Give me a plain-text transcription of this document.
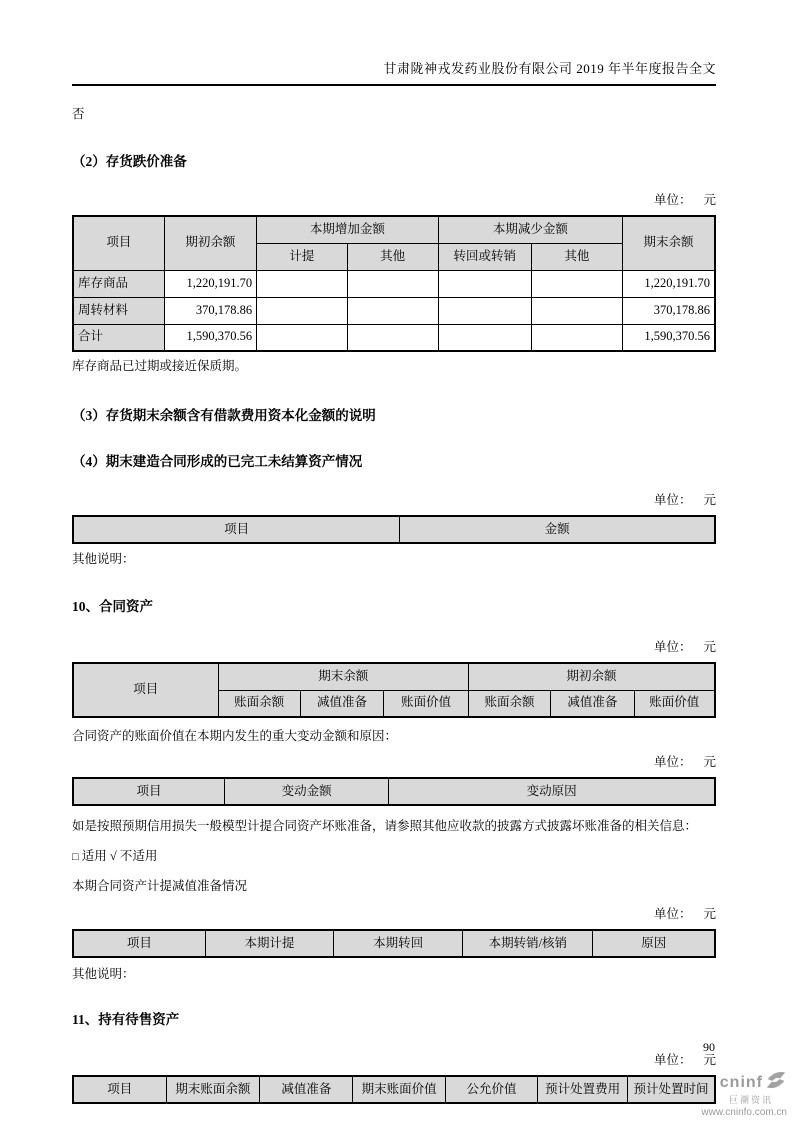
甘肃陇神戎发药业股份有限公司 2019 年半年度报告全文

否

（2）存货跌价准备

单位： 元
项目	期初余额	本期增加金额		本期减少金额		期末余额
		计提	其他	转回或转销	其他	
库存商品	1,220,191.70					1,220,191.70
周转材料	370,178.86					370,178.86
合计	1,590,370.56					1,590,370.56

库存商品已过期或接近保质期。

（3）存货期末余额含有借款费用资本化金额的说明

（4）期末建造合同形成的已完工未结算资产情况

单位： 元
项目	金额

其他说明：

10、合同资产

单位： 元
项目	期末余额			期初余额		
	账面余额	减值准备	账面价值	账面余额	减值准备	账面价值

合同资产的账面价值在本期内发生的重大变动金额和原因：

单位： 元
项目	变动金额	变动原因

如是按照预期信用损失一般模型计提合同资产坏账准备，请参照其他应收款的披露方式披露坏账准备的相关信息：

□ 适用 √ 不适用

本期合同资产计提减值准备情况

单位： 元
项目	本期计提	本期转回	本期转销/核销	原因

其他说明：

11、持有待售资产

单位： 元
项目	期末账面余额	减值准备	期末账面价值	公允价值	预计处置费用	预计处置时间
90
cninf
巨潮资讯
www.cninfo.com.cn
